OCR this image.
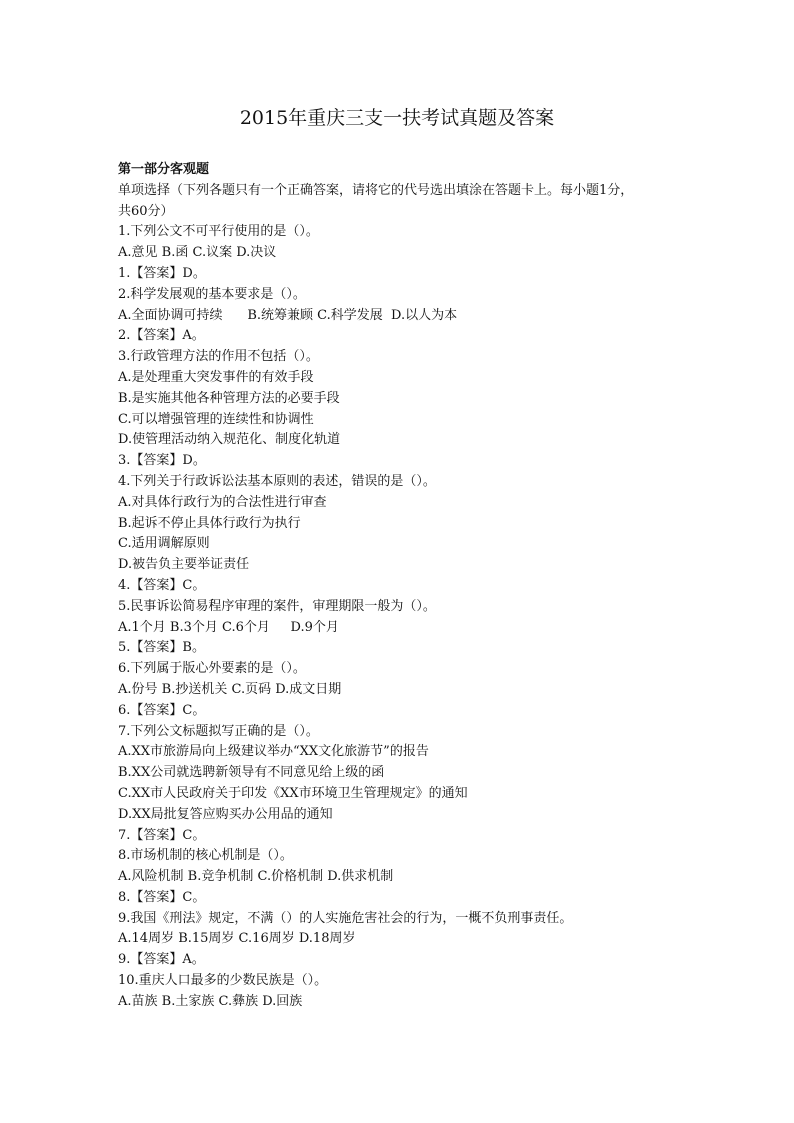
2015年重庆三支一扶考试真题及答案
第一部分客观题
单项选择（下列各题只有一个正确答案，请将它的代号选出填涂在答题卡上。每小题1分，
共60分）
1.下列公文不可平行使用的是（）。
A.意见 B.函 C.议案 D.决议
1.【答案】D。
2.科学发展观的基本要求是（）。
A.全面协调可持续      B.统筹兼顾 C.科学发展  D.以人为本
2.【答案】A。
3.行政管理方法的作用不包括（）。
A.是处理重大突发事件的有效手段
B.是实施其他各种管理方法的必要手段
C.可以增强管理的连续性和协调性
D.使管理活动纳入规范化、制度化轨道
3.【答案】D。
4.下列关于行政诉讼法基本原则的表述，错误的是（）。
A.对具体行政行为的合法性进行审查
B.起诉不停止具体行政行为执行
C.适用调解原则
D.被告负主要举证责任
4.【答案】C。
5.民事诉讼简易程序审理的案件，审理期限一般为（）。
A.1个月 B.3个月 C.6个月     D.9个月
5.【答案】B。
6.下列属于版心外要素的是（）。
A.份号 B.抄送机关 C.页码 D.成文日期
6.【答案】C。
7.下列公文标题拟写正确的是（）。
A.XX市旅游局向上级建议举办“XX文化旅游节”的报告
B.XX公司就选聘新领导有不同意见给上级的函
C.XX市人民政府关于印发《XX市环境卫生管理规定》的通知
D.XX局批复答应购买办公用品的通知
7.【答案】C。
8.市场机制的核心机制是（）。
A.风险机制 B.竞争机制 C.价格机制 D.供求机制
8.【答案】C。
9.我国《刑法》规定，不满（）的人实施危害社会的行为，一概不负刑事责任。
A.14周岁 B.15周岁 C.16周岁 D.18周岁
9.【答案】A。
10.重庆人口最多的少数民族是（）。
A.苗族 B.土家族 C.彝族 D.回族
